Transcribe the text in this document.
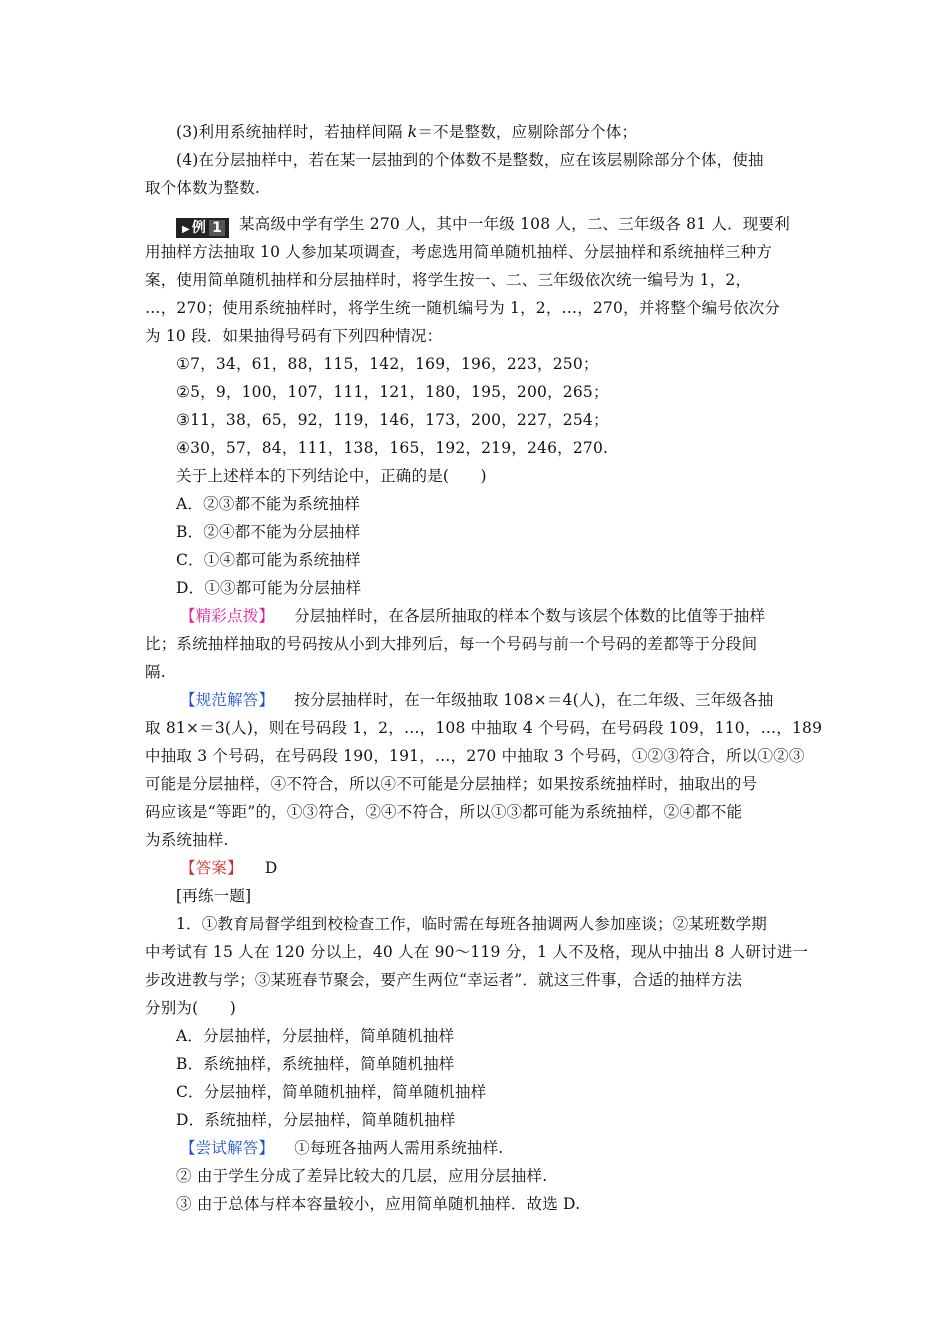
(3)利用系统抽样时，若抽样间隔 k＝不是整数，应剔除部分个体；
(4)在分层抽样中，若在某一层抽到的个体数不是整数，应在该层剔除部分个体，使抽
取个体数为整数.
▶ 例 1 某高级中学有学生 270 人，其中一年级 108 人，二、三年级各 81 人．现要利
用抽样方法抽取 10 人参加某项调查，考虑选用简单随机抽样、分层抽样和系统抽样三种方
案，使用简单随机抽样和分层抽样时，将学生按一、二、三年级依次统一编号为 1，2，
…，270；使用系统抽样时，将学生统一随机编号为 1，2，…，270，并将整个编号依次分
为 10 段．如果抽得号码有下列四种情况：
①7，34，61，88，115，142，169，196，223，250；
②5，9，100，107，111，121，180，195，200，265；
③11，38，65，92，119，146，173，200，227，254；
④30，57，84，111，138，165，192，219，246，270.
关于上述样本的下列结论中，正确的是(　　)
A．②③都不能为系统抽样
B．②④都不能为分层抽样
C．①④都可能为系统抽样
D．①③都可能为分层抽样
【精彩点拨】 分层抽样时，在各层所抽取的样本个数与该层个体数的比值等于抽样
比；系统抽样抽取的号码按从小到大排列后，每一个号码与前一个号码的差都等于分段间
隔.
【规范解答】 按分层抽样时，在一年级抽取 108×＝4(人)，在二年级、三年级各抽
取 81×＝3(人)，则在号码段 1，2，…，108 中抽取 4 个号码，在号码段 109，110，…，189
中抽取 3 个号码，在号码段 190，191，…，270 中抽取 3 个号码，①②③符合，所以①②③
可能是分层抽样，④不符合，所以④不可能是分层抽样；如果按系统抽样时，抽取出的号
码应该是“等距”的，①③符合，②④不符合，所以①③都可能为系统抽样，②④都不能
为系统抽样.
【答案】 D
[再练一题]
1．①教育局督学组到校检查工作，临时需在每班各抽调两人参加座谈；②某班数学期
中考试有 15 人在 120 分以上，40 人在 90～119 分，1 人不及格，现从中抽出 8 人研讨进一
步改进教与学；③某班春节聚会，要产生两位“幸运者”．就这三件事，合适的抽样方法
分别为(　　)
A．分层抽样，分层抽样，简单随机抽样
B．系统抽样，系统抽样，简单随机抽样
C．分层抽样，简单随机抽样，简单随机抽样
D．系统抽样，分层抽样，简单随机抽样
【尝试解答】 ①每班各抽两人需用系统抽样.
② 由于学生分成了差异比较大的几层，应用分层抽样.
③ 由于总体与样本容量较小，应用简单随机抽样．故选 D.
